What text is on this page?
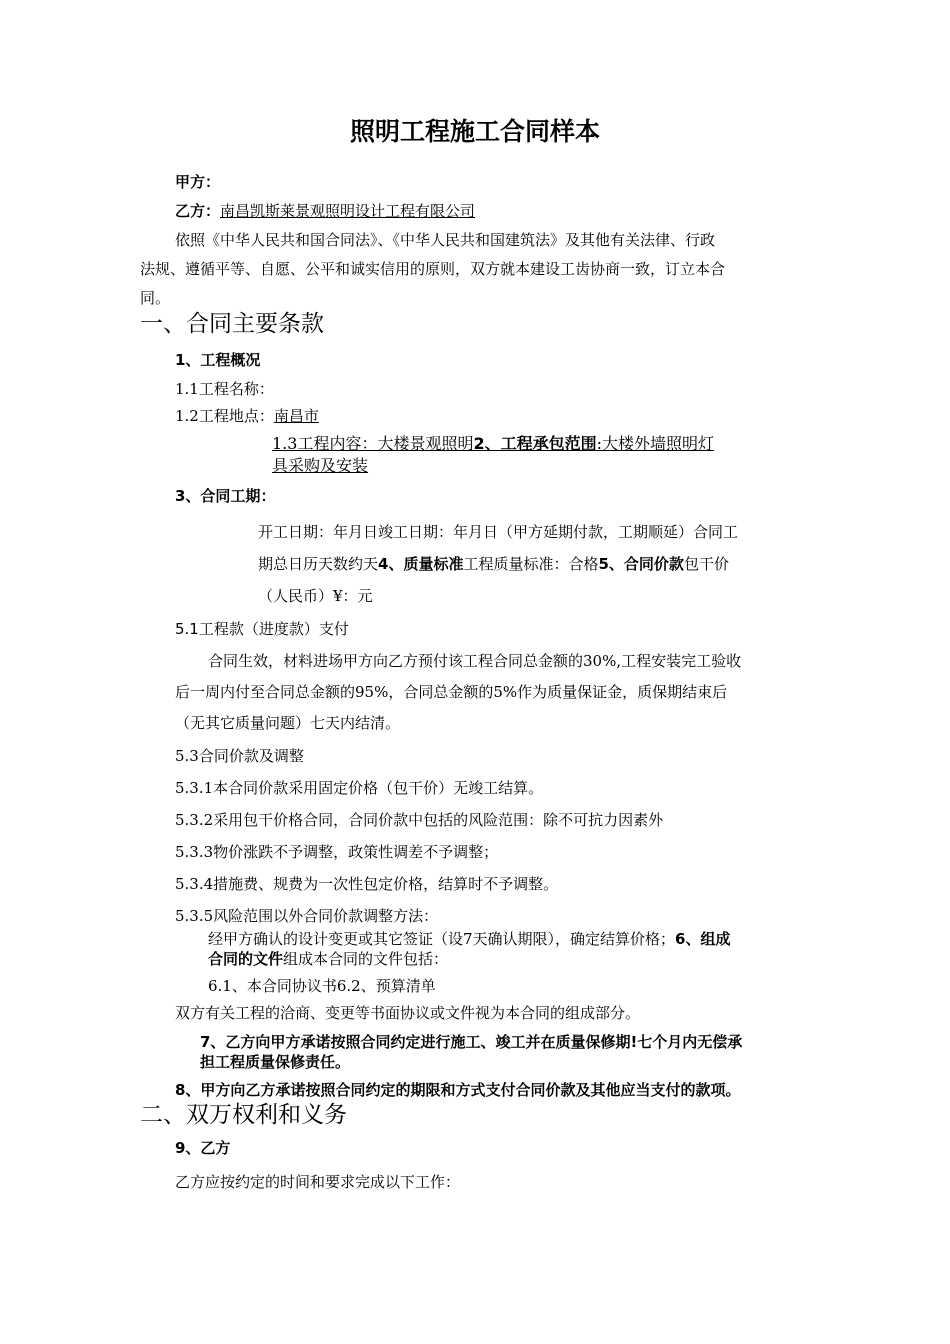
照明工程施工合同样本
甲方：
乙方：南昌凯斯莱景观照明设计工程有限公司
依照《中华人民共和国合同法》、《中华人民共和国建筑法》及其他有关法律、行政
法规、遵循平等、自愿、公平和诚实信用的原则，双方就本建设工齿协商一致，订立本合
同。
一、合同主要条款
1、工程概况
1.1工程名称：
1.2工程地点：南昌市
1.3工程内容：大楼景观照明2、工程承包范围:大楼外墙照明灯
具采购及安装
3、合同工期：
开工日期：年月日竣工日期：年月日（甲方延期付款，工期顺延）合同工
期总日历天数约天4、质量标准工程质量标准：合格5、合同价款包干价
（人民币）¥：元
5.1工程款（进度款）支付
合同生效，材料进场甲方向乙方预付该工程合同总金额的30%,工程安装完工验收
后一周内付至合同总金额的95%，合同总金额的5%作为质量保证金，质保期结束后
（无其它质量问题）七天内结清。
5.3合同价款及调整
5.3.1本合同价款采用固定价格（包干价）无竣工结算。
5.3.2采用包干价格合同，合同价款中包括的风险范围：除不可抗力因素外
5.3.3物价涨跌不予调整，政策性调差不予调整；
5.3.4措施费、规费为一次性包定价格，结算时不予调整。
5.3.5风险范围以外合同价款调整方法：
经甲方确认的设计变更或其它签证（设7天确认期限），确定结算价格；6、组成
合同的文件组成本合同的文件包括：
6.1、本合同协议书6.2、预算清单
双方有关工程的洽商、变更等书面协议或文件视为本合同的组成部分。
7、乙方向甲方承诺按照合同约定进行施工、竣工并在质量保修期!七个月内无偿承
担工程质量保修责任。
8、甲方向乙方承诺按照合同约定的期限和方式支付合同价款及其他应当支付的款项。
二、双万权利和义务
9、乙方
乙方应按约定的时间和要求完成以下工作：
